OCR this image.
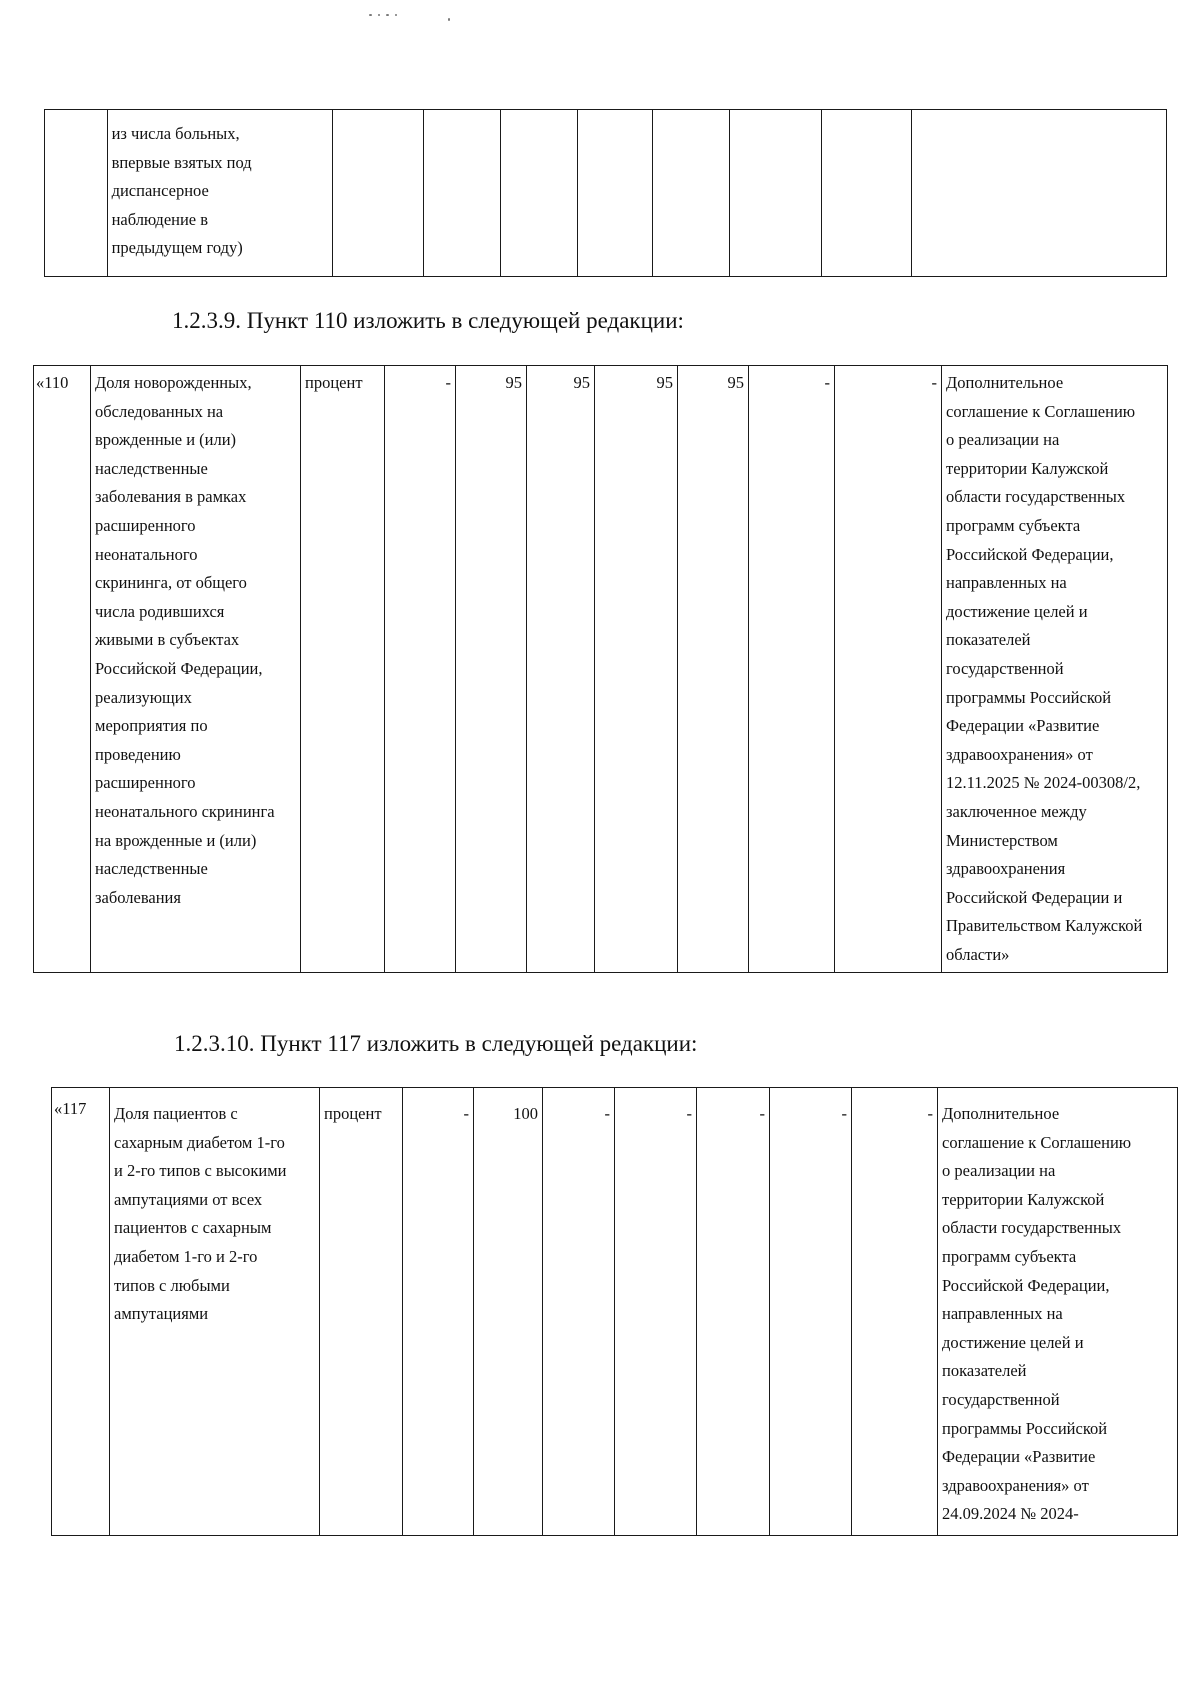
	из числа больных,
впервые взятых под
диспансерное
наблюдение в
предыдущем году)								
1.2.3.9. Пункт 110 изложить в следующей редакции:
«110	Доля новорожденных,
обследованных на
врожденные и (или)
наследственные
заболевания в рамках
расширенного
неонатального
скрининга, от общего
числа родившихся
живыми в субъектах
Российской Федерации,
реализующих
мероприятия по
проведению
расширенного
неонатального скрининга
на врожденные и (или)
наследственные
заболевания	процент	-	95	95	95	95	-	-	Дополнительное
соглашение к Соглашению
о реализации на
территории Калужской
области государственных
программ субъекта
Российской Федерации,
направленных на
достижение целей и
показателей
государственной
программы Российской
Федерации «Развитие
здравоохранения» от
12.11.2025 № 2024-00308/2,
заключенное между
Министерством
здравоохранения
Российской Федерации и
Правительством Калужской
области»
1.2.3.10. Пункт 117 изложить в следующей редакции:
«117	Доля пациентов с
сахарным диабетом 1-го
и 2-го типов с высокими
ампутациями от всех
пациентов с сахарным
диабетом 1-го и 2-го
типов с любыми
ампутациями	процент	-	100	-	-	-	-	-	Дополнительное
соглашение к Соглашению
о реализации на
территории Калужской
области государственных
программ субъекта
Российской Федерации,
направленных на
достижение целей и
показателей
государственной
программы Российской
Федерации «Развитие
здравоохранения» от
24.09.2024 № 2024-
